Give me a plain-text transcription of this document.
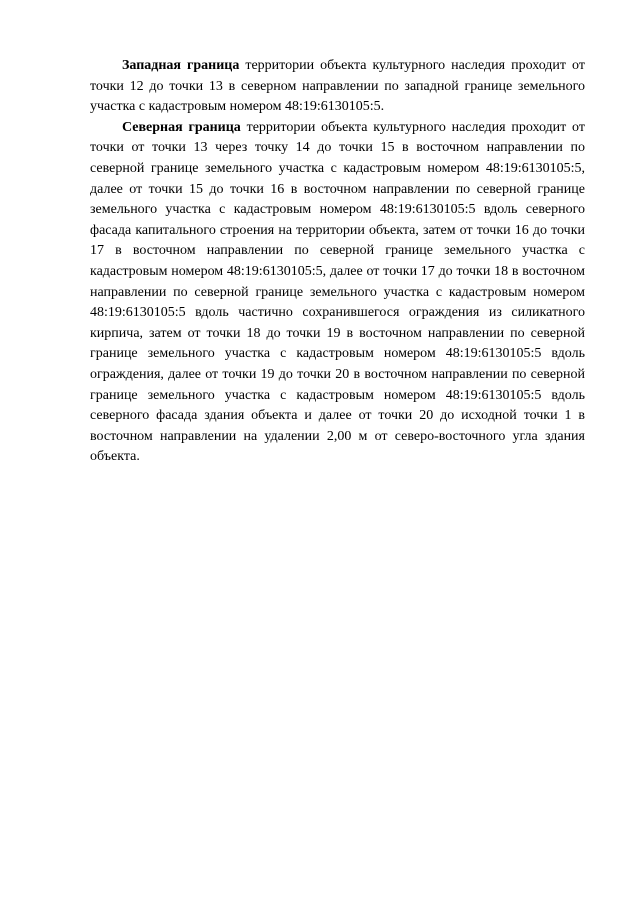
Западная граница территории объекта культурного наследия проходит от точки 12 до точки 13 в северном направлении по западной границе земельного участка с кадастровым номером 48:19:6130105:5.

Северная граница территории объекта культурного наследия проходит от точки от точки 13 через точку 14 до точки 15 в восточном направлении по северной границе земельного участка с кадастровым номером 48:19:6130105:5, далее от точки 15 до точки 16 в восточном направлении по северной границе земельного участка с кадастровым номером 48:19:6130105:5 вдоль северного фасада капитального строения на территории объекта, затем от точки 16 до точки 17 в восточном направлении по северной границе земельного участка с кадастровым номером 48:19:6130105:5, далее от точки 17 до точки 18 в восточном направлении по северной границе земельного участка с кадастровым номером 48:19:6130105:5 вдоль частично сохранившегося ограждения из силикатного кирпича, затем от точки 18 до точки 19 в восточном направлении по северной границе земельного участка с кадастровым номером 48:19:6130105:5 вдоль ограждения, далее от точки 19 до точки 20 в восточном направлении по северной границе земельного участка с кадастровым номером 48:19:6130105:5 вдоль северного фасада здания объекта и далее от точки 20 до исходной точки 1 в восточном направлении на удалении 2,00 м от северо-восточного угла здания объекта.
